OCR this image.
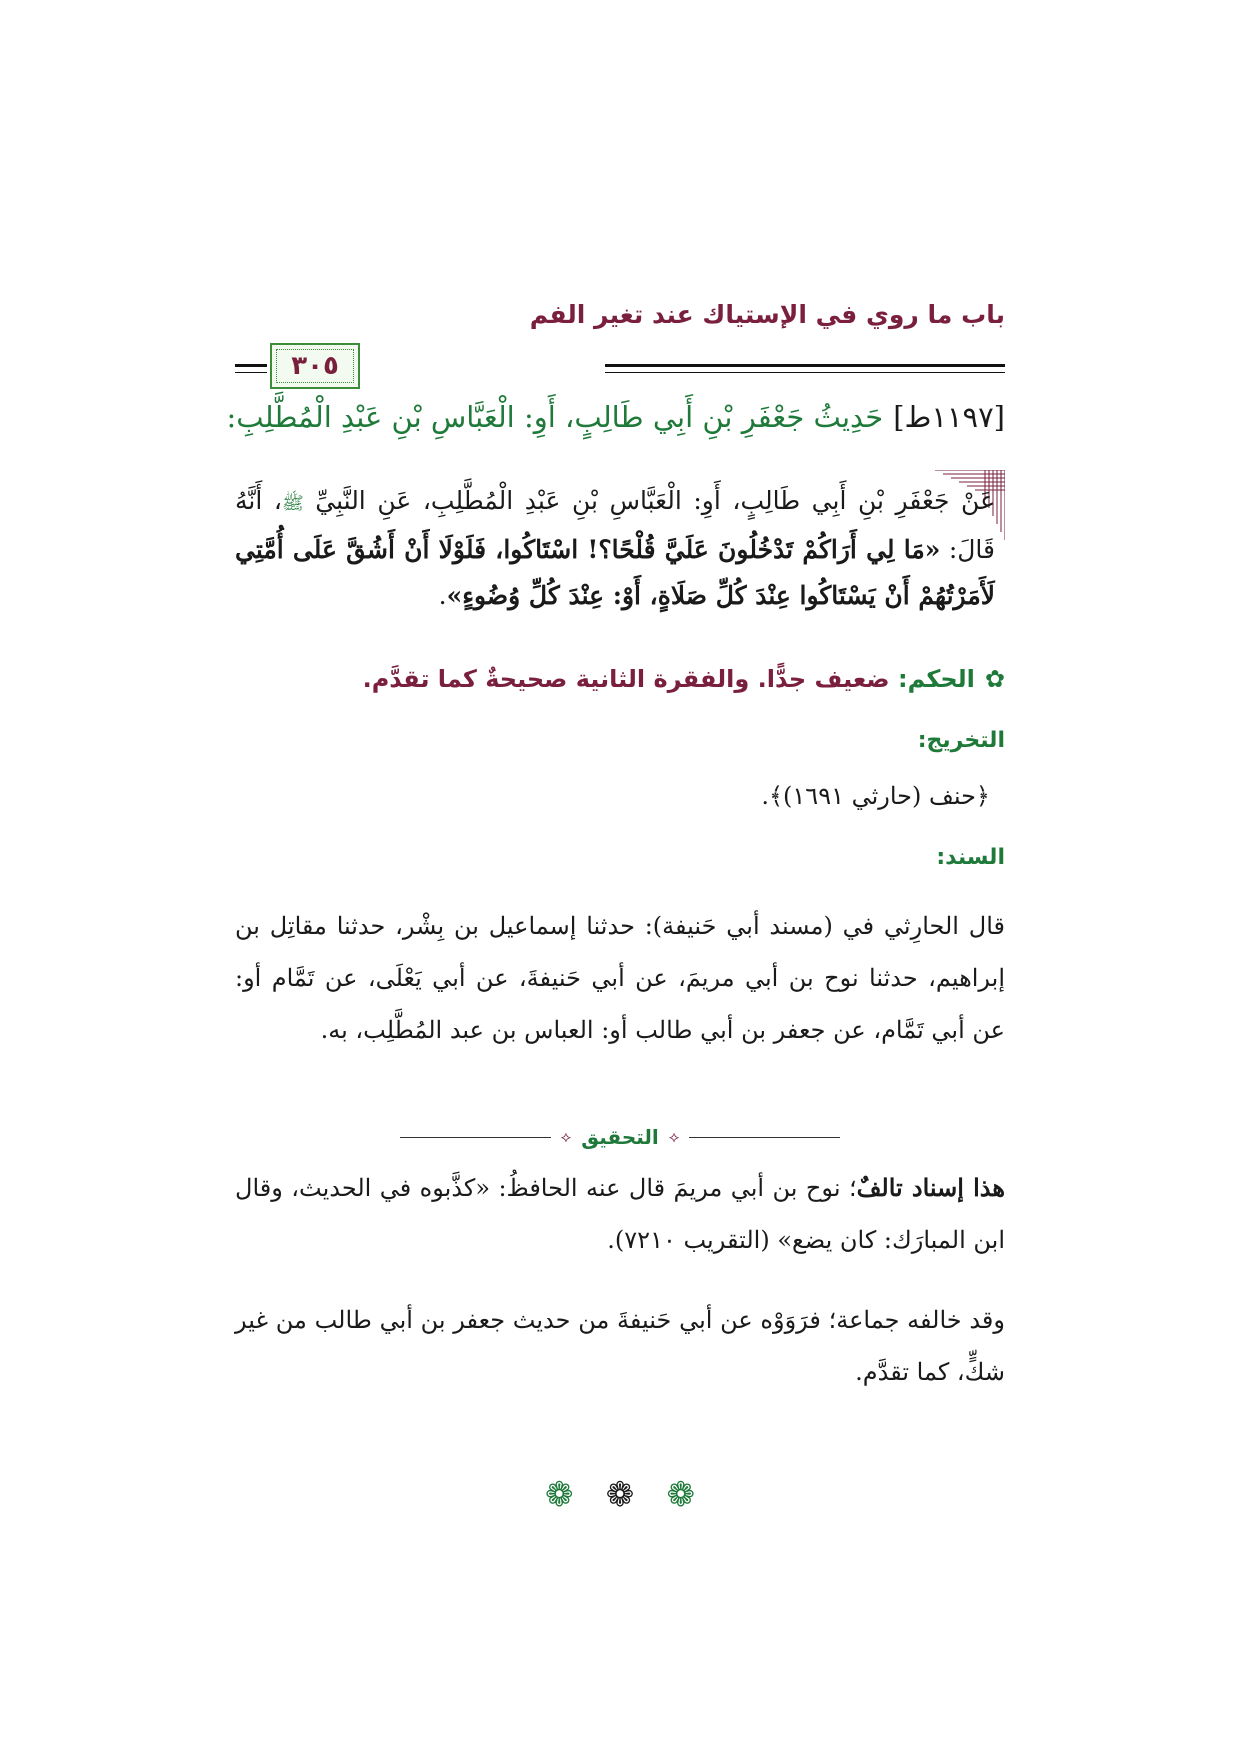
باب ما روي في الإستياك عند تغير الفم
٣٠٥
[١١٩٧ط]حَدِيثُ جَعْفَرِ بْنِ أَبِي طَالِبٍ، أَوِ: الْعَبَّاسِ بْنِ عَبْدِ الْمُطَّلِبِ:
عَنْ جَعْفَرِ بْنِ أَبِي طَالِبٍ، أَوِ: الْعَبَّاسِ بْنِ عَبْدِ الْمُطَّلِبِ، عَنِ النَّبِيِّ ﷺ، أَنَّهُ قَالَ: «مَا لِي أَرَاكُمْ تَدْخُلُونَ عَلَيَّ قُلْحًا؟! اسْتَاكُوا، فَلَوْلَا أَنْ أَشُقَّ عَلَى أُمَّتِي لَأَمَرْتُهُمْ أَنْ يَسْتَاكُوا عِنْدَ كُلِّ صَلَاةٍ، أَوْ: عِنْدَ كُلِّ وُضُوءٍ».
✿الحكم: ضعيف جدًّا. والفقرة الثانية صحيحةٌ كما تقدَّم.
التخريج:
﴿حنف (حارثي ١٦٩١)﴾.
السند:
قال الحارِثي في (مسند أبي حَنيفة): حدثنا إسماعيل بن بِشْر، حدثنا مقاتِل بن إبراهيم، حدثنا نوح بن أبي مريمَ، عن أبي حَنيفةَ، عن أبي يَعْلَى، عن تَمَّام أو: عن أبي تَمَّام، عن جعفر بن أبي طالب أو: العباس بن عبد المُطَّلِب، به.
⟡
التحقيق
⟡
هذا إسناد تالفٌ؛ نوح بن أبي مريمَ قال عنه الحافظُ: «كذَّبوه في الحديث، وقال ابن المبارَك: كان يضع» (التقريب ٧٢١٠).
وقد خالفه جماعة؛ فرَوَوْه عن أبي حَنيفةَ من حديث جعفر بن أبي طالب من غير شكٍّ، كما تقدَّم.
❁
❁
❁
